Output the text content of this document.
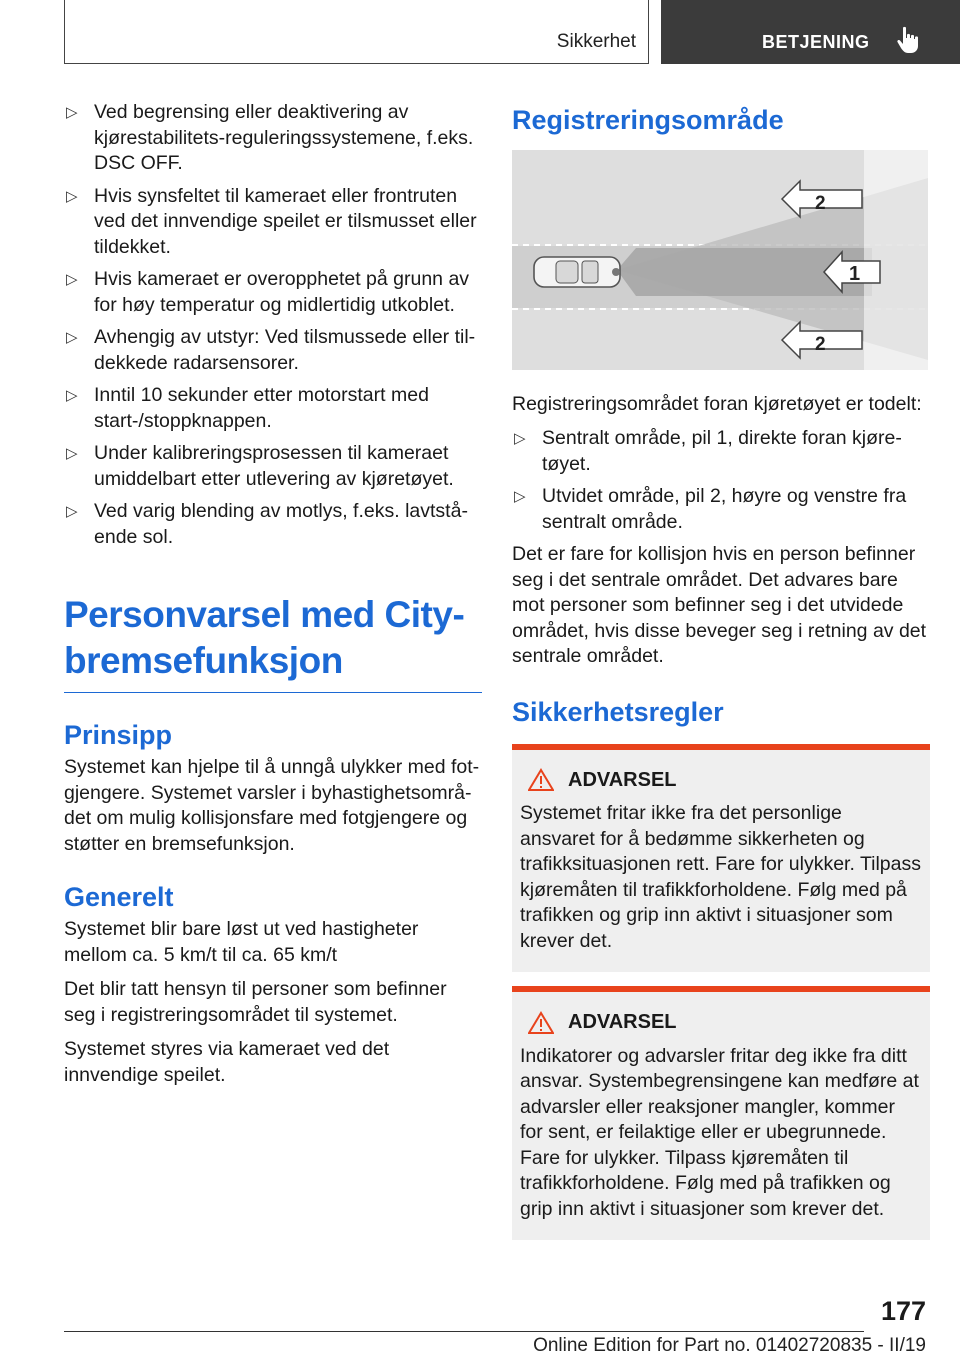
Sikkerhet	BETJENING
▷ Ved begrensing eller deaktivering av kjørestabilitets-reguleringssystemene, f.eks. DSC OFF.
▷ Hvis synsfeltet til kameraet eller frontruten ved det innvendige speilet er tilsmusset eller tildekket.
▷ Hvis kameraet er overopphetet på grunn av for høy temperatur og midlertidig utkoblet.
▷ Avhengig av utstyr: Ved tilsmussede eller tildekkede radarsensorer.
▷ Inntil 10 sekunder etter motorstart med start-/stoppknappen.
▷ Under kalibreringsprosessen til kameraet umiddelbart etter utlevering av kjøretøyet.
▷ Ved varig blending av motlys, f.eks. lavtstående sol.
Personvarsel med Citybremsefunksjon
Prinsipp

Systemet kan hjelpe til å unngå ulykker med fotgjengere. Systemet varsler i byhastighetsområdet om mulig kollisjonsfare med fotgjengere og støtter en bremsefunksjon.

Generelt

Systemet blir bare løst ut ved hastigheter mellom ca. 5 km/t til ca. 65 km/t

Det blir tatt hensyn til personer som befinner seg i registreringsområdet til systemet.

Systemet styres via kameraet ved det innvendige speilet.

Registreringsområde
2
1
2

Registreringsområdet foran kjøretøyet er todelt:

▷ Sentralt område, pil 1, direkte foran kjøretøyet.
▷ Utvidet område, pil 2, høyre og venstre fra sentralt område.

Det er fare for kollisjon hvis en person befinner seg i det sentrale området. Det advares bare mot personer som befinner seg i det utvidede området, hvis disse beveger seg i retning av det sentrale området.

Sikkerhetsregler
ADVARSEL
Systemet fritar ikke fra det personlige ansvaret for å bedømme sikkerheten og trafikksituasjonen rett. Fare for ulykker. Tilpass kjøremåten til trafikkforholdene. Følg med på trafikken og grip inn aktivt i situasjoner som krever det.
ADVARSEL
Indikatorer og advarsler fritar deg ikke fra ditt ansvar. Systembegrensingene kan medføre at advarsler eller reaksjoner mangler, kommer for sent, er feilaktige eller er ubegrunnede. Fare for ulykker. Tilpass kjøremåten til trafikkforholdene. Følg med på trafikken og grip inn aktivt i situasjoner som krever det.
177
Online Edition for Part no. 01402720835 - II/19
